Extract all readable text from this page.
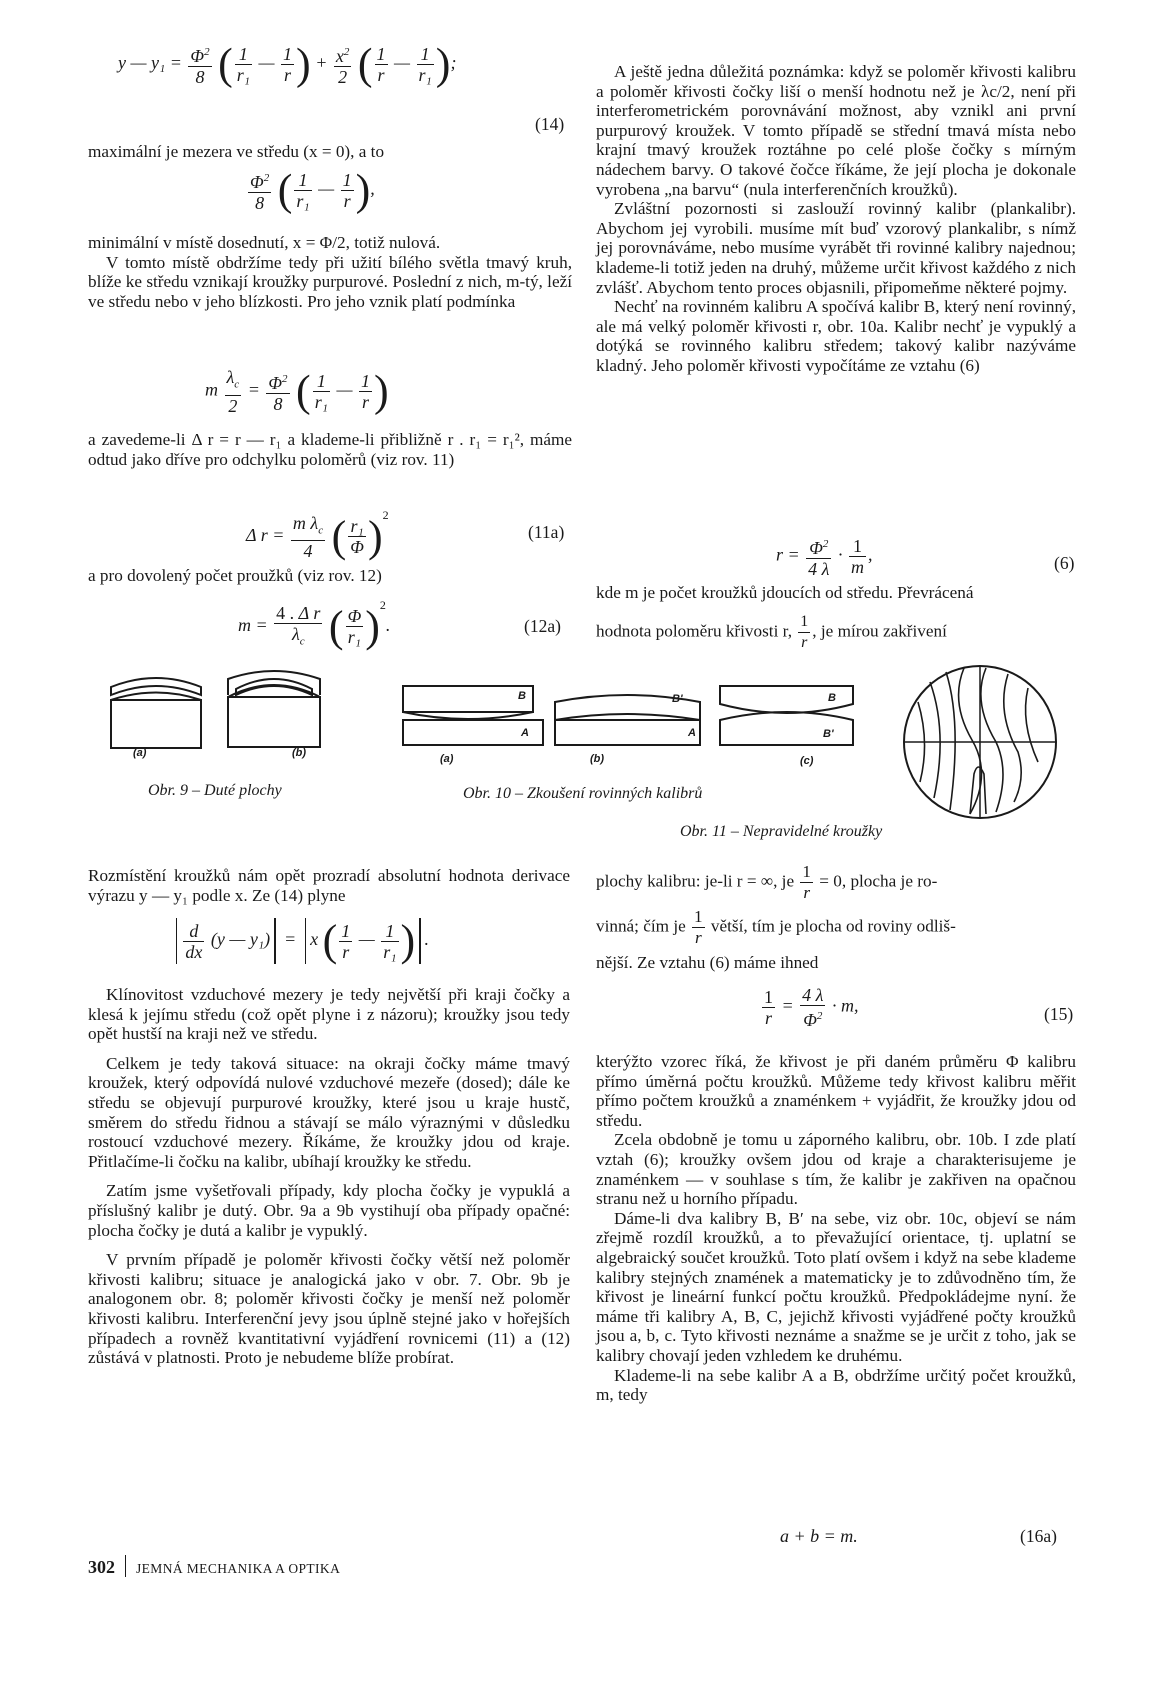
y — $y_1 = \frac{\Phi^2}{8}$ ( $\frac{1}{\text{r₁}}$ — $\frac{1}{r}$ ) + $\frac{x^2}{2}$ ( $\frac{1}{r}$ — $\frac{1}{\text{r₁}}$ );
(14)

maximální je mezera ve středu (x = 0), a to

$\frac{\Phi^2}{8}$ ( $\frac{1}{\text{r₁}}$ — $\frac{1}{r}$ ),

minimální v místě dosednutí, x = Φ/2, totiž nulová.

V tomto místě obdržíme tedy při užití bílého světla tmavý kruh, blíže ke středu vznikají kroužky purpurové. Poslední z nich, m-tý, leží ve středu nebo v jeho blízkosti. Pro jeho vznik platí podmínka

m $\frac{\lambda_c}{2} = \frac{\Phi^2}{8}$ ( $\frac{1}{\text{r₁}}$ — $\frac{1}{r}$ )

a zavedeme-li Δ r = r — r₁ a klademe-li přibližně r . r₁ = r₁², máme odtud jako dříve pro odchylku poloměrů (viz rov. 11)

Δ $r = \frac{m \lambda_c}{4}$ ( $\frac{\text{r₁}}{\Phi} )^2$
(11a)

a pro dovolený počet proužků (viz rov. 12)

$m = \frac{\text{4 . Δ r}}{\lambda_c}$ ( $\frac{\Phi}{\text{r₁}} )^2$.	(12a)

A ještě jedna důležitá poznámka: když se poloměr křivosti kalibru a poloměr křivosti čočky liší o menší hodnotu než je λc/2, není při interferometrickém porovnávání možnost, aby vznikl ani první purpurový kroužek. V tomto případě se střední tmavá místa nebo krajní tmavý kroužek roztáhne po celé ploše čočky s mírným nádechem barvy. O takové čočce říkáme, že její plocha je dokonale vyrobena „na barvu“ (nula interferenčních kroužků).

Zvláštní pozornosti si zaslouží rovinný kalibr (plankalibr). Abychom jej vyrobili. musíme mít buď vzorový plankalibr, s nímž jej porovnáváme, nebo musíme vyrábět tři rovinné kalibry najednou; klademe-li totiž jeden na druhý, můžeme určit křivost každého z nich zvlášť. Abychom tento proces objasnili, připomeňme některé pojmy.

Nechť na rovinném kalibru A spočívá kalibr B, který není rovinný, ale má velký poloměr křivosti r, obr. 10a. Kalibr nechť je vypuklý a dotýká se rovinného kalibru středem; takový kalibr nazýváme kladný. Jeho poloměr křivosti vypočítáme ze vztahu (6)

$r = \frac{\Phi^2}{4 \lambda} \cdot \frac{1}{m}$ ,	(6)

kde m je počet kroužků jdoucích od středu. Převrácená

hodnota poloměru křivosti r, $\frac{1}{r}$ , je mírou zakřivení
(a)	(b)
Obr. 9 – Duté plochy
B
A
B'
A
B
B'
(a)	(b)	(c)
Obr. 10 – Zkoušení rovinných kalibrů
Obr. 11 – Nepravidelné kroužky

Rozmístění kroužků nám opět prozradí absolutní hodnota derivace výrazu y — y₁ podle x. Ze (14) plyne

$\frac{d}{dx} (y$ — y₁) = x ( $\frac{1}{r}$ — $\frac{1}{\text{r₁}}$ ) .

Klínovitost vzduchové mezery je tedy největší při kraji čočky a klesá k jejímu středu (což opět plyne i z názoru); kroužky jsou tedy opět hustší na kraji než ve středu.

Celkem je tedy taková situace: na okraji čočky máme tmavý kroužek, který odpovídá nulové vzduchové mezeře (dosed); dále ke středu se objevují purpurové kroužky, které jsou u kraje hustč, směrem do středu řidnou a stávají se málo výraznými v důsledku rostoucí vzduchové mezery. Říkáme, že kroužky jdou od kraje. Přitlačíme-li čočku na kalibr, ubíhají kroužky ke středu.

Zatím jsme vyšetřovali případy, kdy plocha čočky je vypuklá a příslušný kalibr je dutý. Obr. 9a a 9b vystihují oba případy opačné: plocha čočky je dutá a kalibr je vypuklý.

V prvním případě je poloměr křivosti čočky větší než poloměr křivosti kalibru; situace je analogická jako v obr. 7. Obr. 9b je analogonem obr. 8; poloměr křivosti čočky je menší než poloměr křivosti kalibru. Interferenční jevy jsou úplně stejné jako v hořejších případech a rovněž kvantitativní vyjádření rovnicemi (11) a (12) zůstává v platnosti. Proto je nebudeme blíže probírat.

plochy kalibru: je-li r = ∞, je $\frac{1}{r} = 0$, plocha je ro-
vinná; čím je $\frac{1}{r}$ větší, tím je plocha od roviny odliš-
nější. Ze vztahu (6) máme ihned
$\frac{1}{r} = \frac{4 \lambda}{\Phi^2} \cdot m$,	(15)

kterýžto vzorec říká, že křivost je při daném průměru Φ kalibru přímo úměrná počtu kroužků. Můžeme tedy křivost kalibru měřit přímo počtem kroužků a znaménkem + vyjádřit, že kroužky jdou od středu.

Zcela obdobně je tomu u záporného kalibru, obr. 10b. I zde platí vztah (6); kroužky ovšem jdou od kraje a charakterisujeme je znaménkem — v souhlase s tím, že kalibr je zakřiven na opačnou stranu než u horního případu.

Dáme-li dva kalibry B, B′ na sebe, viz obr. 10c, objeví se nám zřejmě rozdíl kroužků, a to převažující orientace, tj. uplatní se algebraický součet kroužků. Toto platí ovšem i když na sebe klademe kalibry stejných znamének a matematicky je to zdůvodněno tím, že křivost je lineární funkcí počtu kroužků. Předpokládejme nyní. že máme tři kalibry A, B, C, jejichž křivosti vyjádřené počty kroužků jsou a, b, c. Tyto křivosti neznáme a snažme se je určit z toho, jak se kalibry chovají jeden vzhledem ke druhému.

Klademe-li na sebe kalibr A a B, obdržíme určitý počet kroužků, m, tedy

a + b = m.	(16a)
302 JEMNÁ MECHANIKA A OPTIKA
